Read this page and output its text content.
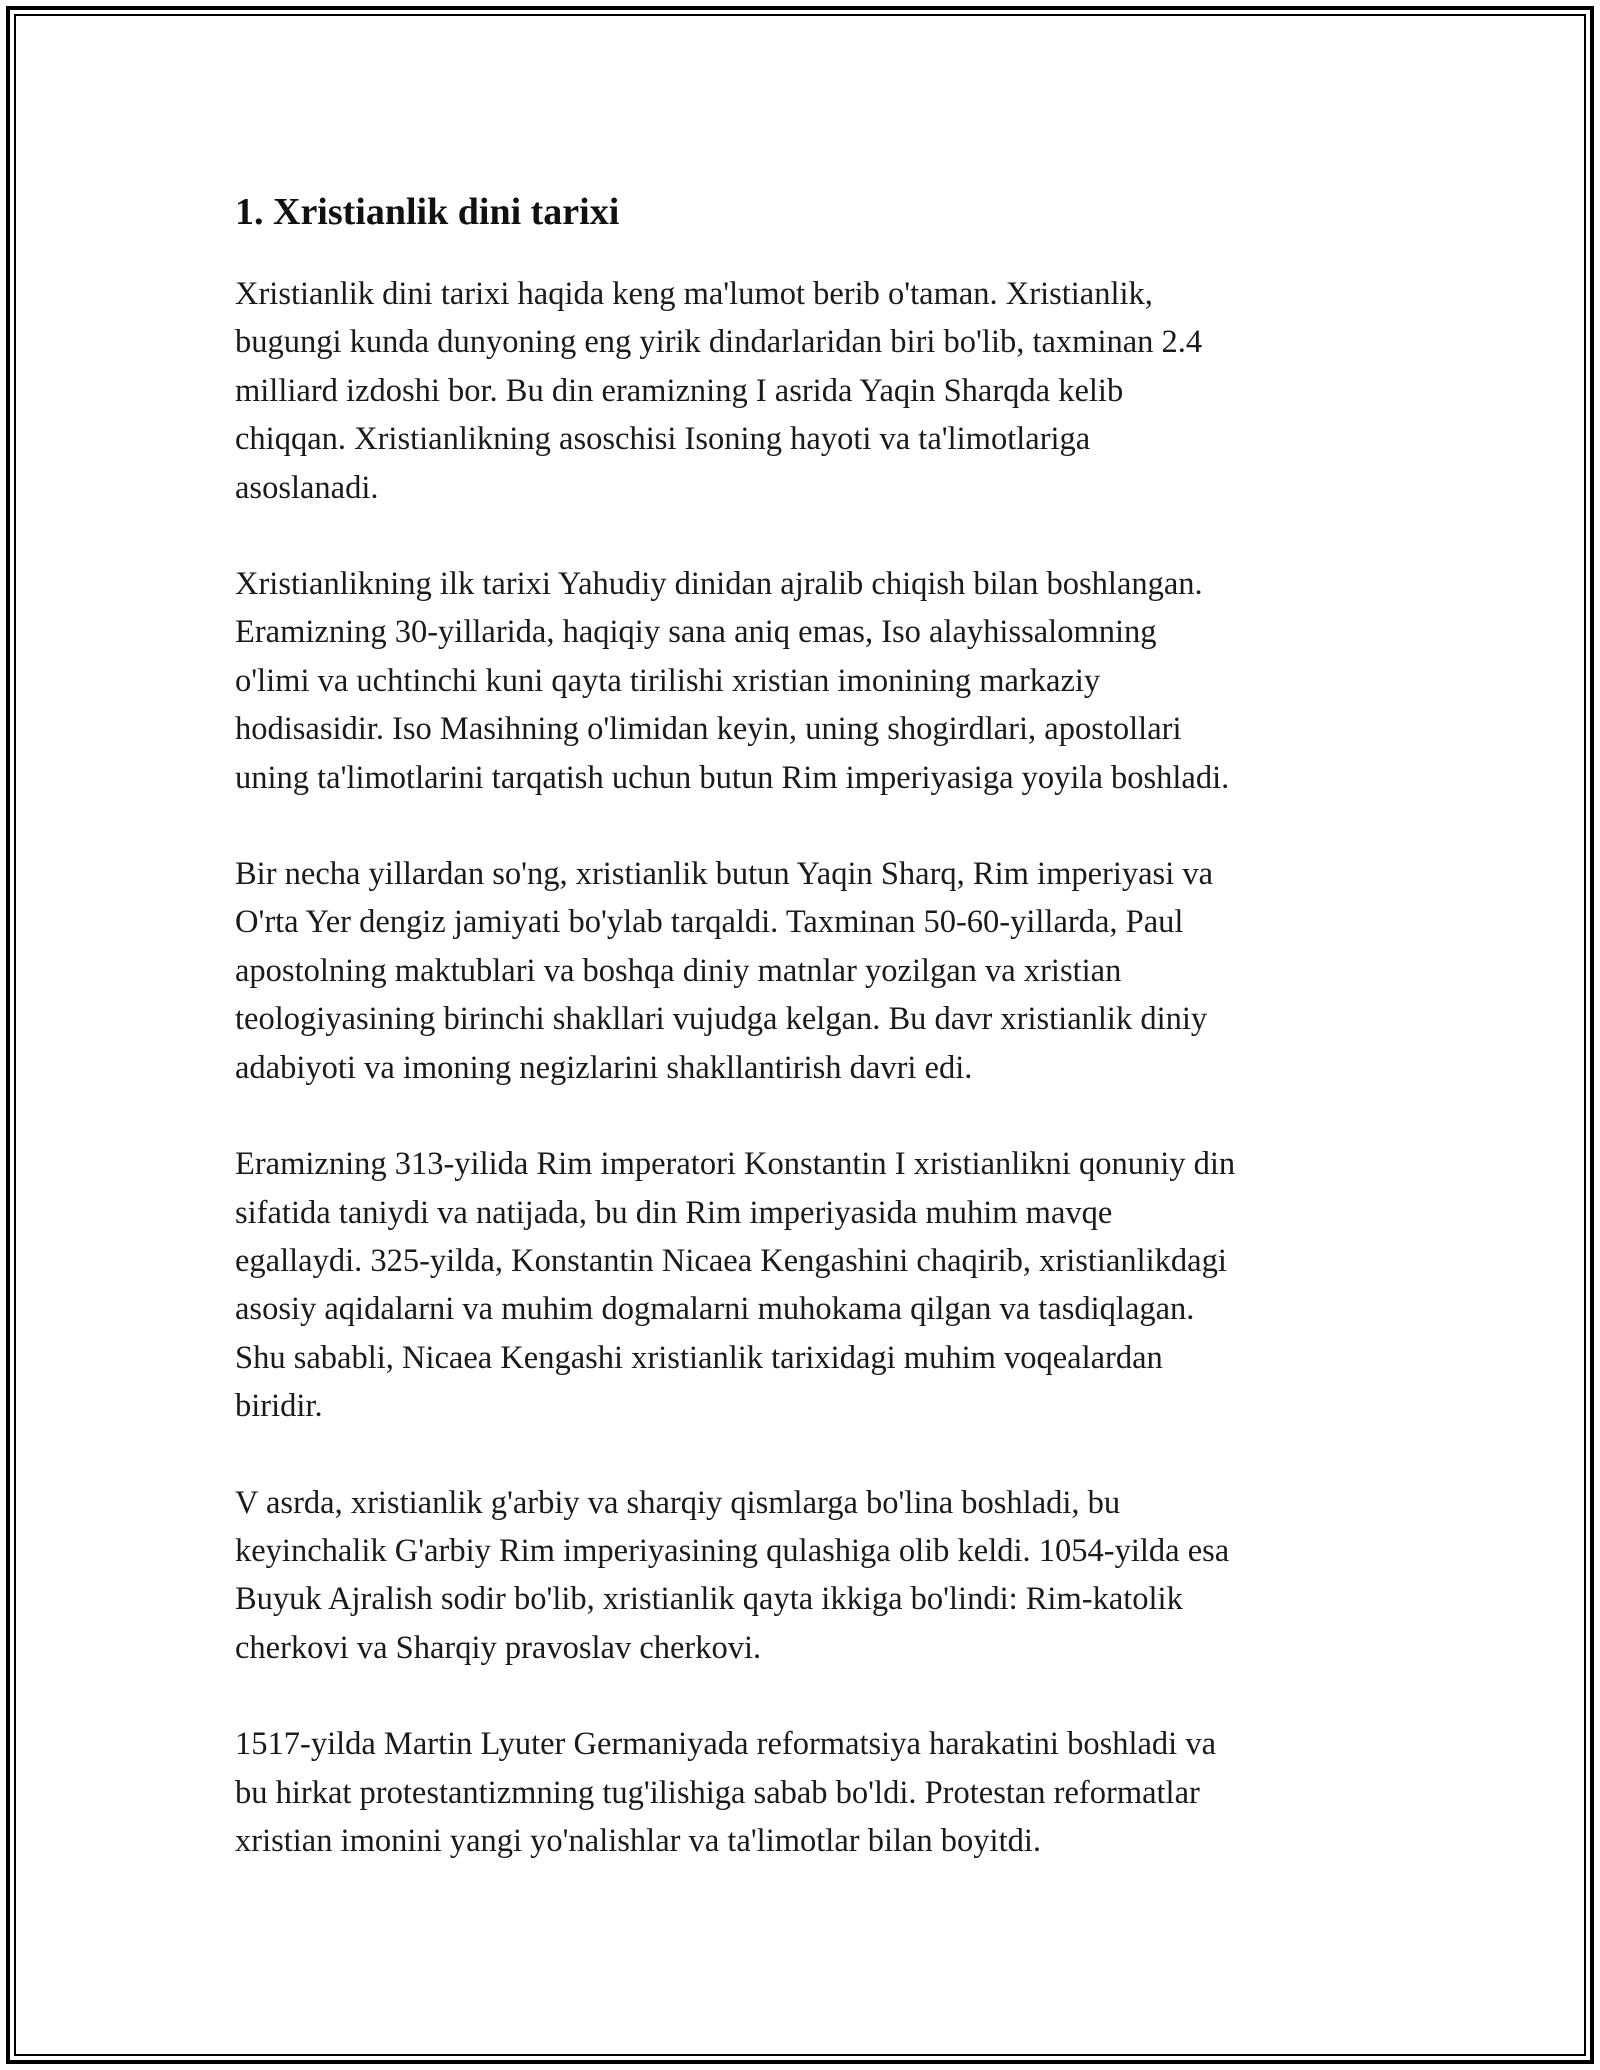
1. Xristianlik dini tarixi

Xristianlik dini tarixi haqida keng ma'lumot berib o'taman. Xristianlik,
bugungi kunda dunyoning eng yirik dindarlaridan biri bo'lib, taxminan 2.4
milliard izdoshi bor. Bu din eramizning I asrida Yaqin Sharqda kelib
chiqqan. Xristianlikning asoschisi Isoning hayoti va ta'limotlariga
asoslanadi.

Xristianlikning ilk tarixi Yahudiy dinidan ajralib chiqish bilan boshlangan.
Eramizning 30-yillarida, haqiqiy sana aniq emas, Iso alayhissalomning
o'limi va uchtinchi kuni qayta tirilishi xristian imonining markaziy
hodisasidir. Iso Masihning o'limidan keyin, uning shogirdlari, apostollari
uning ta'limotlarini tarqatish uchun butun Rim imperiyasiga yoyila boshladi.

Bir necha yillardan so'ng, xristianlik butun Yaqin Sharq, Rim imperiyasi va
O'rta Yer dengiz jamiyati bo'ylab tarqaldi. Taxminan 50-60-yillarda, Paul
apostolning maktublari va boshqa diniy matnlar yozilgan va xristian
teologiyasining birinchi shakllari vujudga kelgan. Bu davr xristianlik diniy
adabiyoti va imoning negizlarini shakllantirish davri edi.

Eramizning 313-yilida Rim imperatori Konstantin I xristianlikni qonuniy din
sifatida taniydi va natijada, bu din Rim imperiyasida muhim mavqe
egallaydi. 325-yilda, Konstantin Nicaea Kengashini chaqirib, xristianlikdagi
asosiy aqidalarni va muhim dogmalarni muhokama qilgan va tasdiqlagan.
Shu sababli, Nicaea Kengashi xristianlik tarixidagi muhim voqealardan
biridir.

V asrda, xristianlik g'arbiy va sharqiy qismlarga bo'lina boshladi, bu
keyinchalik G'arbiy Rim imperiyasining qulashiga olib keldi. 1054-yilda esa
Buyuk Ajralish sodir bo'lib, xristianlik qayta ikkiga bo'lindi: Rim-katolik
cherkovi va Sharqiy pravoslav cherkovi.

1517-yilda Martin Lyuter Germaniyada reformatsiya harakatini boshladi va
bu hirkat protestantizmning tug'ilishiga sabab bo'ldi. Protestan reformatlar
xristian imonini yangi yo'nalishlar va ta'limotlar bilan boyitdi.
